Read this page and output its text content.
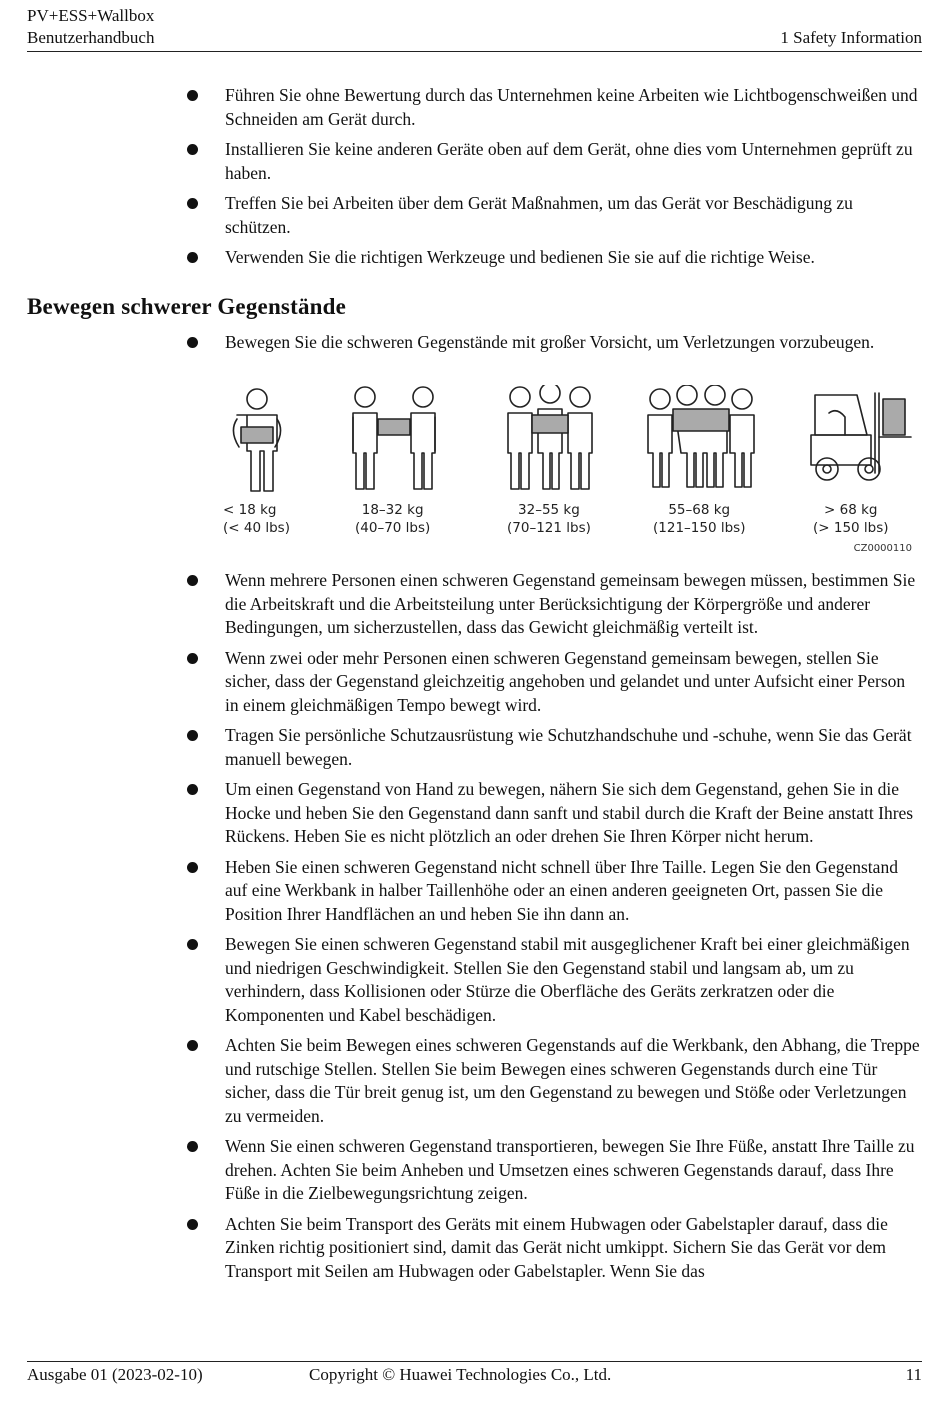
PV+ESS+Wallbox
Benutzerhandbuch	1 Safety Information
Führen Sie ohne Bewertung durch das Unternehmen keine Arbeiten wie Lichtbogenschweißen und Schneiden am Gerät durch.
Installieren Sie keine anderen Geräte oben auf dem Gerät, ohne dies vom Unternehmen geprüft zu haben.
Treffen Sie bei Arbeiten über dem Gerät Maßnahmen, um das Gerät vor Beschädigung zu schützen.
Verwenden Sie die richtigen Werkzeuge und bedienen Sie sie auf die richtige Weise.
Bewegen schwerer Gegenstände
Bewegen Sie die schweren Gegenstände mit großer Vorsicht, um Verletzungen vorzubeugen.
< 18 kg
(< 40 lbs)
18–32 kg
(40–70 lbs)
32–55 kg
(70–121 lbs)
55–68 kg
(121–150 lbs)
> 68 kg
(> 150 lbs)
CZ0000110
Wenn mehrere Personen einen schweren Gegenstand gemeinsam bewegen müssen, bestimmen Sie die Arbeitskraft und die Arbeitsteilung unter Berücksichtigung der Körpergröße und anderer Bedingungen, um sicherzustellen, dass das Gewicht gleichmäßig verteilt ist.
Wenn zwei oder mehr Personen einen schweren Gegenstand gemeinsam bewegen, stellen Sie sicher, dass der Gegenstand gleichzeitig angehoben und gelandet und unter Aufsicht einer Person in einem gleichmäßigen Tempo bewegt wird.
Tragen Sie persönliche Schutzausrüstung wie Schutzhandschuhe und -schuhe, wenn Sie das Gerät manuell bewegen.
Um einen Gegenstand von Hand zu bewegen, nähern Sie sich dem Gegenstand, gehen Sie in die Hocke und heben Sie den Gegenstand dann sanft und stabil durch die Kraft der Beine anstatt Ihres Rückens. Heben Sie es nicht plötzlich an oder drehen Sie Ihren Körper nicht herum.
Heben Sie einen schweren Gegenstand nicht schnell über Ihre Taille. Legen Sie den Gegenstand auf eine Werkbank in halber Taillenhöhe oder an einen anderen geeigneten Ort, passen Sie die Position Ihrer Handflächen an und heben Sie ihn dann an.
Bewegen Sie einen schweren Gegenstand stabil mit ausgeglichener Kraft bei einer gleichmäßigen und niedrigen Geschwindigkeit. Stellen Sie den Gegenstand stabil und langsam ab, um zu verhindern, dass Kollisionen oder Stürze die Oberfläche des Geräts zerkratzen oder die Komponenten und Kabel beschädigen.
Achten Sie beim Bewegen eines schweren Gegenstands auf die Werkbank, den Abhang, die Treppe und rutschige Stellen. Stellen Sie beim Bewegen eines schweren Gegenstands durch eine Tür sicher, dass die Tür breit genug ist, um den Gegenstand zu bewegen und Stöße oder Verletzungen zu vermeiden.
Wenn Sie einen schweren Gegenstand transportieren, bewegen Sie Ihre Füße, anstatt Ihre Taille zu drehen. Achten Sie beim Anheben und Umsetzen eines schweren Gegenstands darauf, dass Ihre Füße in die Zielbewegungsrichtung zeigen.
Achten Sie beim Transport des Geräts mit einem Hubwagen oder Gabelstapler darauf, dass die Zinken richtig positioniert sind, damit das Gerät nicht umkippt. Sichern Sie das Gerät vor dem Transport mit Seilen am Hubwagen oder Gabelstapler. Wenn Sie das
Ausgabe 01 (2023-02-10)	Copyright © Huawei Technologies Co., Ltd.	11
